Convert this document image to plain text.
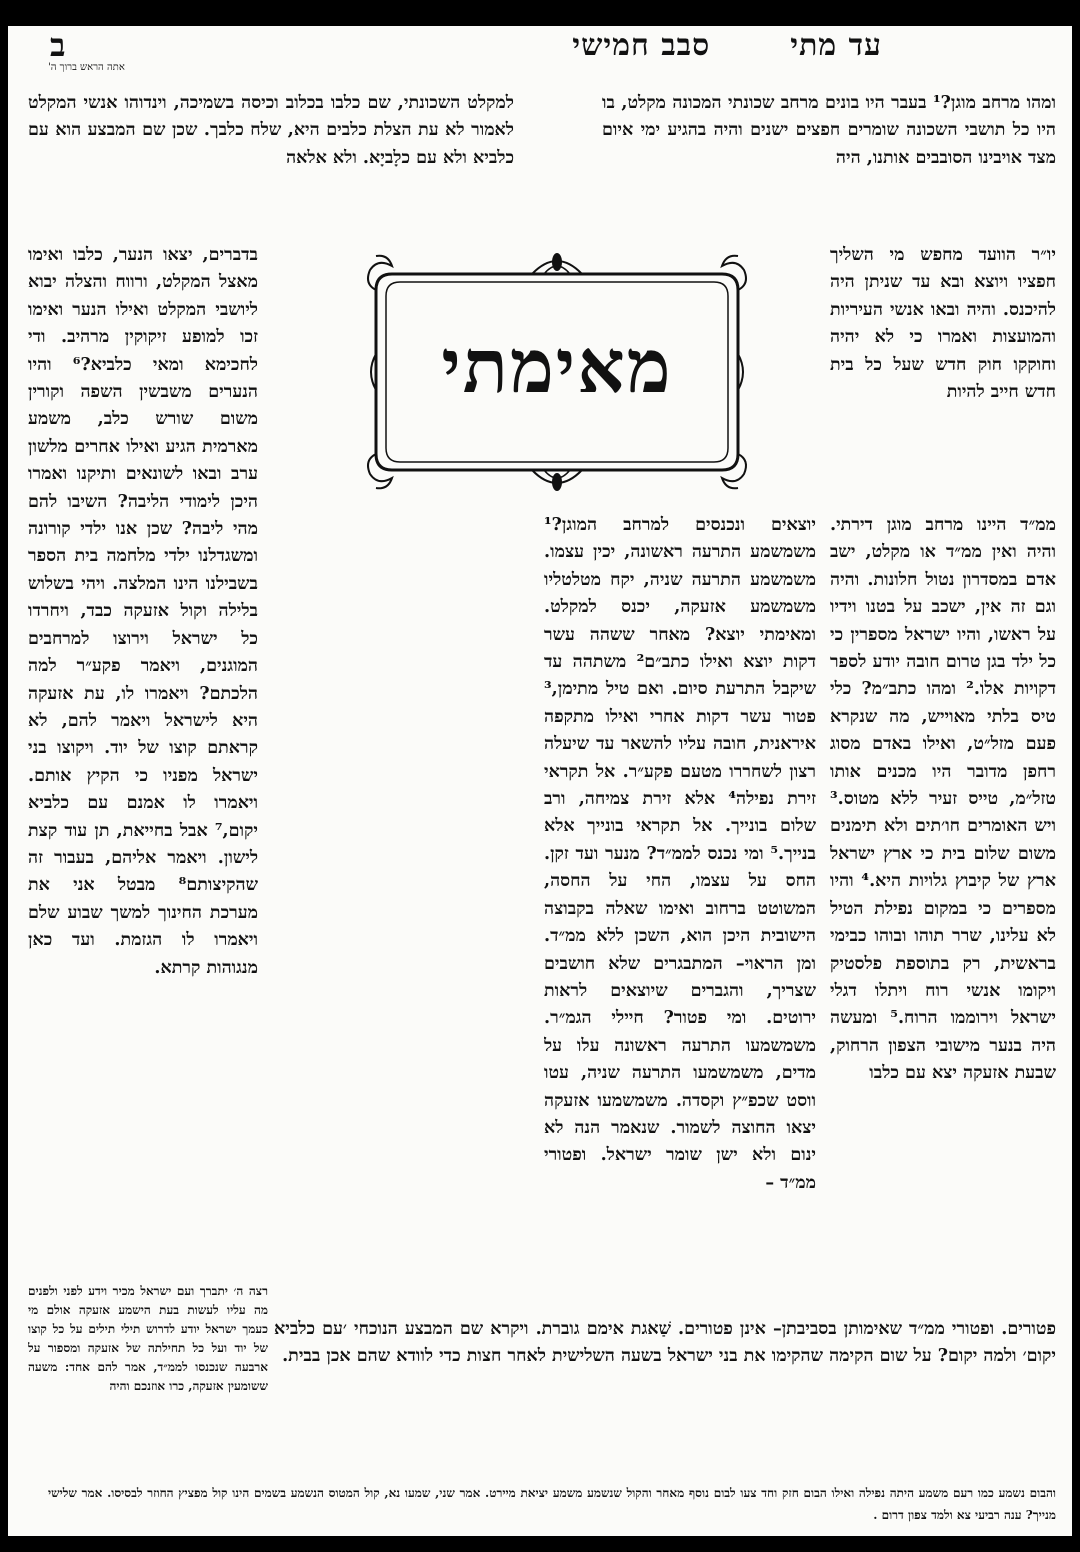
עד מתיסבב חמישי
ב
אתה הראש ברוך ה'
מאימתי

ומהו מרחב מוגן?¹ בעבר היו בונים מרחב שכונתי המכונה מקלט, בו היו כל תושבי השכונה שומרים חפצים ישנים והיה בהגיע ימי איום מצד אויבינו הסובבים אותנו, היה

יו״ר הוועד מחפש מי השליך חפציו ויוצא ובא עד שניתן היה להיכנס. והיה ובאו אנשי העיריות והמועצות ואמרו כי לא יהיה וחוקקו חוק חדש שעל כל בית חדש חייב להיות

ממ״ד היינו מרחב מוגן דירתי. והיה ואין ממ״ד או מקלט, ישב אדם במסדרון נטול חלונות. והיה וגם זה אין, ישכב על בטנו וידיו על ראשו, והיו ישראל מספרין כי כל ילד בגן טרום חובה יודע לספר דקויות אלו.² ומהו כתב״מ? כלי טיס בלתי מאוייש, מה שנקרא פעם מזל״ט, ואילו באדם מסוג רחפן מדובר היו מכנים אותו טזל״מ, טייס זעיר ללא מטוס.³ ויש האומרים חו׳תים ולא תימנים משום שלום בית כי ארץ ישראל ארץ של קיבוץ גלויות היא.⁴ והיו מספרים כי במקום נפילת הטיל לא עלינו, שרר תוהו ובוהו כבימי בראשית, רק בתוספת פלסטיק ויקומו אנשי רוח ויתלו דגלי ישראל וירוממו הרוח.⁵ ומעשה היה בנער מישובי הצפון הרחוק, שבעת אזעקה יצא עם כלבו

יוצאים ונכנסים למרחב המוגן?¹ משמשמע התרעה ראשונה, יכין עצמו. משמשמע התרעה שניה, יקח מטלטליו משמשמע אזעקה, יכנס למקלט. ומאימתי יוצא? מאחר ששהה עשר דקות יוצא ואילו כתב״ם² משתהה עד שיקבל התרעת סיום. ואם טיל מתימן,³ פטור עשר דקות אחרי ואילו מתקפה איראנית, חובה עליו להשאר עד שיעלה רצון לשחררו מטעם פקע״ר. אל תקראי זירת נפילה⁴ אלא זירת צמיחה, ורב שלום בונייך. אל תקראי בונייך אלא בנייך.⁵ ומי נכנס לממ״ד? מנער ועד זקן. החס על עצמו, החי על החסה, המשוטט ברחוב ואימו שאלה בקבוצה הישובית היכן הוא, השכן ללא ממ״ד. ומן הראוי– המתבגרים שלא חושבים שצריך, והגברים שיוצאים לראות ירוטים. ומי פטור? חיילי הגמ״ר. משמשמעו התרעה ראשונה עלו על מדים, משמשמעו התרעה שניה, עטו ווסט שכפ״ץ וקסדה. משמשמעו אזעקה יצאו החוצה לשמור. שנאמר הנה לא ינום ולא ישן שומר ישראל. ופטורי ממ״ד –

למקלט השכונתי, שם כלבו בכלוב וכיסה בשמיכה, וינדוהו אנשי המקלט לאמור לא עת הצלת כלבים היא, שלח כלבך. שכן שם המבצע הוא עם כלביא ולא עם כלָביָא. ולא אלאה

בדברים, יצאו הנער, כלבו ואימו מאצל המקלט, ורווח והצלה יבוא ליושבי המקלט ואילו הנער ואימו זכו למופע זיקוקין מרהיב. ודי לחכימא ומאי כלביא?⁶ והיו הנערים משבשין השפה וקורין משום שורש כלב, משמע מארמית הגיע ואילו אחרים מלשון ערב ובאו לשונאים ותיקנו ואמרו היכן לימודי הליבה? השיבו להם מהי ליבה? שכן אנו ילדי קורונה ומשגדלנו ילדי מלחמה בית הספר בשבילנו הינו המלצה. ויהי בשלוש בלילה וקול אזעקה כבד, ויחרדו כל ישראל וירוצו למרחבים המוגנים, ויאמר פקע״ר למה הלכתם? ויאמרו לו, עת אזעקה היא לישראל ויאמר להם, לא קראתם קוצו של יוד. ויקוצו בני ישראל מפניו כי הקיץ אותם. ויאמרו לו אמנם עם כלביא יקום,⁷ אבל בחייאת, תן עוד קצת לישון. ויאמר אליהם, בעבור זה שהקיצותם⁸ מבטל אני את מערכת החינוך למשך שבוע שלם ויאמרו לו הגזמת. ועד כאן מנגוהות קרתא.

רצה ה׳ יתברך ועם ישראל מכיר וידע לפני ולפנים מה עליו לעשות בעת הישמע אזעקה אולם מי כעמך ישראל יודע לדרוש תילי תילים על כל קוצו של יוד ועל כל תחילתה של אזעקה ומספור על ארבעה שנכנסו לממ״ד, אמר להם אחד: משעה ששומעין אזעקה, כרו אוזנכם והיה

פטורים. ופטורי ממ״ד שאימותן בסביבתן– אינן פטורים. שַׁאגת אימם גוברת. ויקרא שם המבצע הנוכחי ׳עם כלביא יקום׳ ולמה יקום? על שום הקימה שהקימו את בני ישראל בשעה השלישית לאחר חצות כדי לוודא שהם אכן בבית.

והבום נשמע כמו רעם משמע היתה נפילה ואילו הבום חזק וחד צעו לבום נוסף מאחר והקול שנשמע משמע יציאת מיירט. אמר שני, שמעו נא, קול המטוס הנשמע בשמים הינו קול מפציץ החוזר לבסיסו. אמר שלישי מנייך? ענה רביעי צא ולמד צפון דרום .
